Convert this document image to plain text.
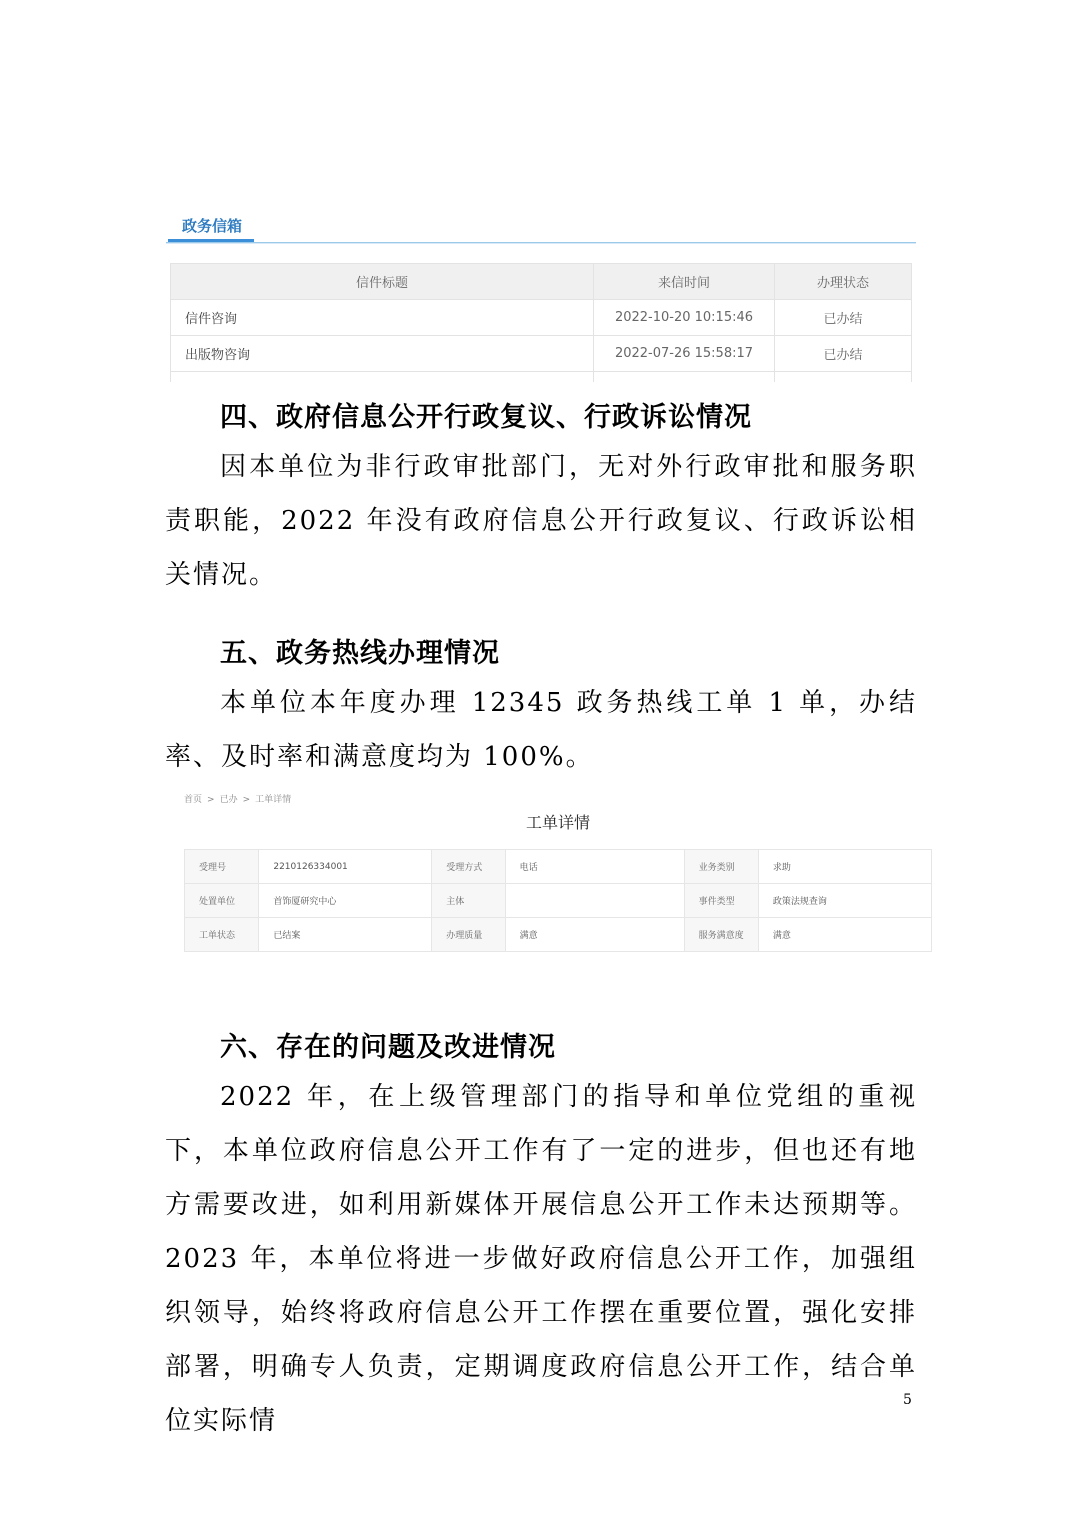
政务信箱
信件标题	来信时间	办理状态
信件咨询	2022-10-20 10:15:46	已办结
出版物咨询	2022-07-26 15:58:17	已办结

四、政府信息公开行政复议、行政诉讼情况

因本单位为非行政审批部门，无对外行政审批和服务职责职能，2022 年没有政府信息公开行政复议、行政诉讼相关情况。

五、政务热线办理情况

本单位本年度办理 12345 政务热线工单 1 单，办结率、及时率和满意度均为 100%。

首页 > 已办 > 工单详情
工单详情
受理号	2210126334001	受理方式	电话	业务类别	求助
处置单位	首饰厦研究中心	主体		事件类型	政策法规查询
工单状态	已结案	办理质量	满意	服务满意度	满意
六、存在的问题及改进情况

2022 年，在上级管理部门的指导和单位党组的重视下，本单位政府信息公开工作有了一定的进步，但也还有地方需要改进，如利用新媒体开展信息公开工作未达预期等。2023 年，本单位将进一步做好政府信息公开工作，加强组织领导，始终将政府信息公开工作摆在重要位置，强化安排部署，明确专人负责，定期调度政府信息公开工作，结合单位实际情

5
